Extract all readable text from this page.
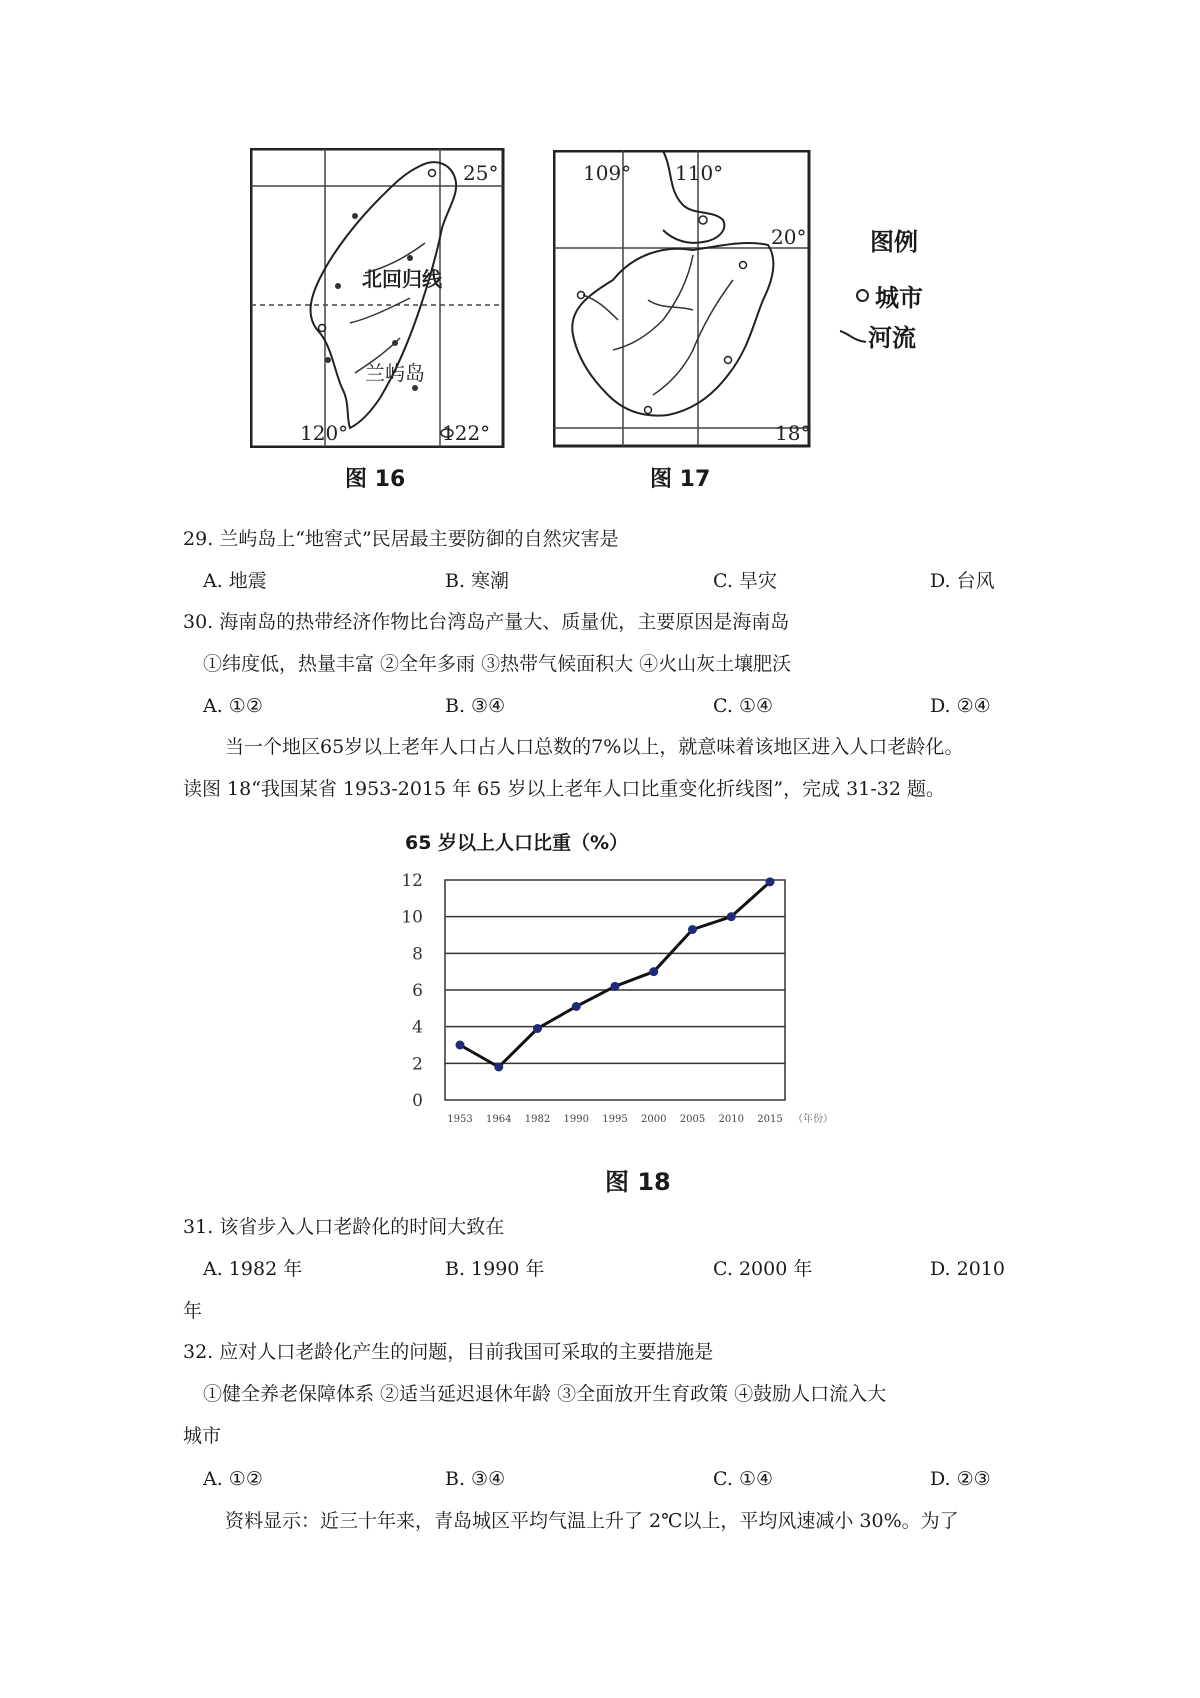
25°
北回归线
兰屿岛
120°	122°
图 16
109° 110°
20°
18°
图 17
图例
城市
河流
29. 兰屿岛上“地窖式”民居最主要防御的自然灾害是
A. 地震	B. 寒潮	C. 旱灾	D. 台风
30. 海南岛的热带经济作物比台湾岛产量大、质量优，主要原因是海南岛
①纬度低，热量丰富 ②全年多雨 ③热带气候面积大 ④火山灰土壤肥沃
A. ①②	B. ③④	C. ①④	D. ②④
当一个地区65岁以上老年人口占人口总数的7%以上，就意味着该地区进入人口老龄化。
读图 18“我国某省 1953-2015 年 65 岁以上老年人口比重变化折线图”，完成 31-32 题。
65 岁以上人口比重（%）
0
2
4
6
8
10
12
1953 1964 1982 1990 1995 2000 2005 2010 2015 （年份）
图 18
31. 该省步入人口老龄化的时间大致在
A. 1982 年	B. 1990 年	C. 2000 年	D. 2010
年
32. 应对人口老龄化产生的问题，目前我国可采取的主要措施是
①健全养老保障体系 ②适当延迟退休年龄 ③全面放开生育政策 ④鼓励人口流入大
城市
A. ①②	B. ③④	C. ①④	D. ②③
资料显示：近三十年来，青岛城区平均气温上升了 2℃以上，平均风速减小 30%。为了
